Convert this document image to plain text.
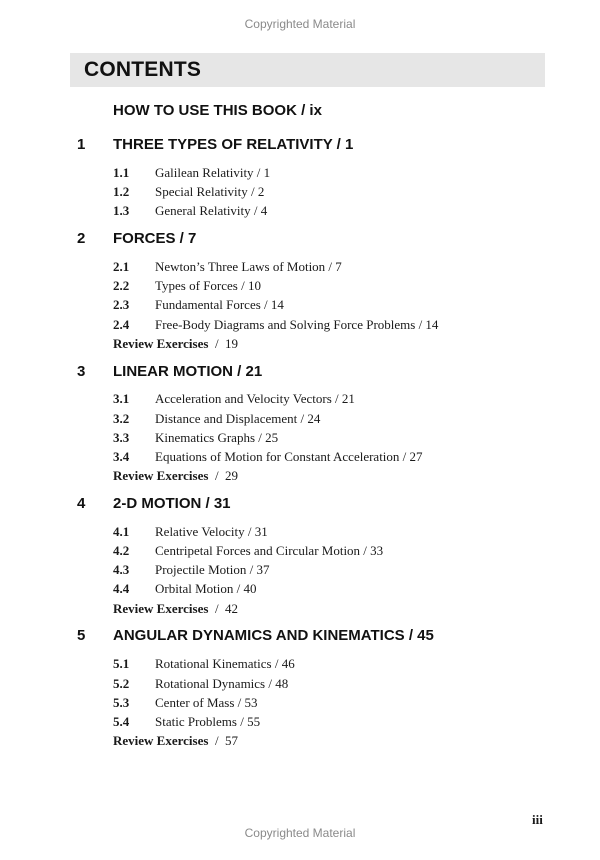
Copyrighted Material
CONTENTS
HOW TO USE THIS BOOK / ix
1 THREE TYPES OF RELATIVITY / 1
1.1 Galilean Relativity / 1
1.2 Special Relativity / 2
1.3 General Relativity / 4
2 FORCES / 7
2.1 Newton’s Three Laws of Motion / 7
2.2 Types of Forces / 10
2.3 Fundamental Forces / 14
2.4 Free-Body Diagrams and Solving Force Problems / 14
Review Exercises  /  19
3 LINEAR MOTION / 21
3.1 Acceleration and Velocity Vectors / 21
3.2 Distance and Displacement / 24
3.3 Kinematics Graphs / 25
3.4 Equations of Motion for Constant Acceleration / 27
Review Exercises  /  29
4 2-D MOTION / 31
4.1 Relative Velocity / 31
4.2 Centripetal Forces and Circular Motion / 33
4.3 Projectile Motion / 37
4.4 Orbital Motion / 40
Review Exercises  /  42
5 ANGULAR DYNAMICS AND KINEMATICS / 45
5.1 Rotational Kinematics / 46
5.2 Rotational Dynamics / 48
5.3 Center of Mass / 53
5.4 Static Problems / 55
Review Exercises  /  57
iii
Copyrighted Material
